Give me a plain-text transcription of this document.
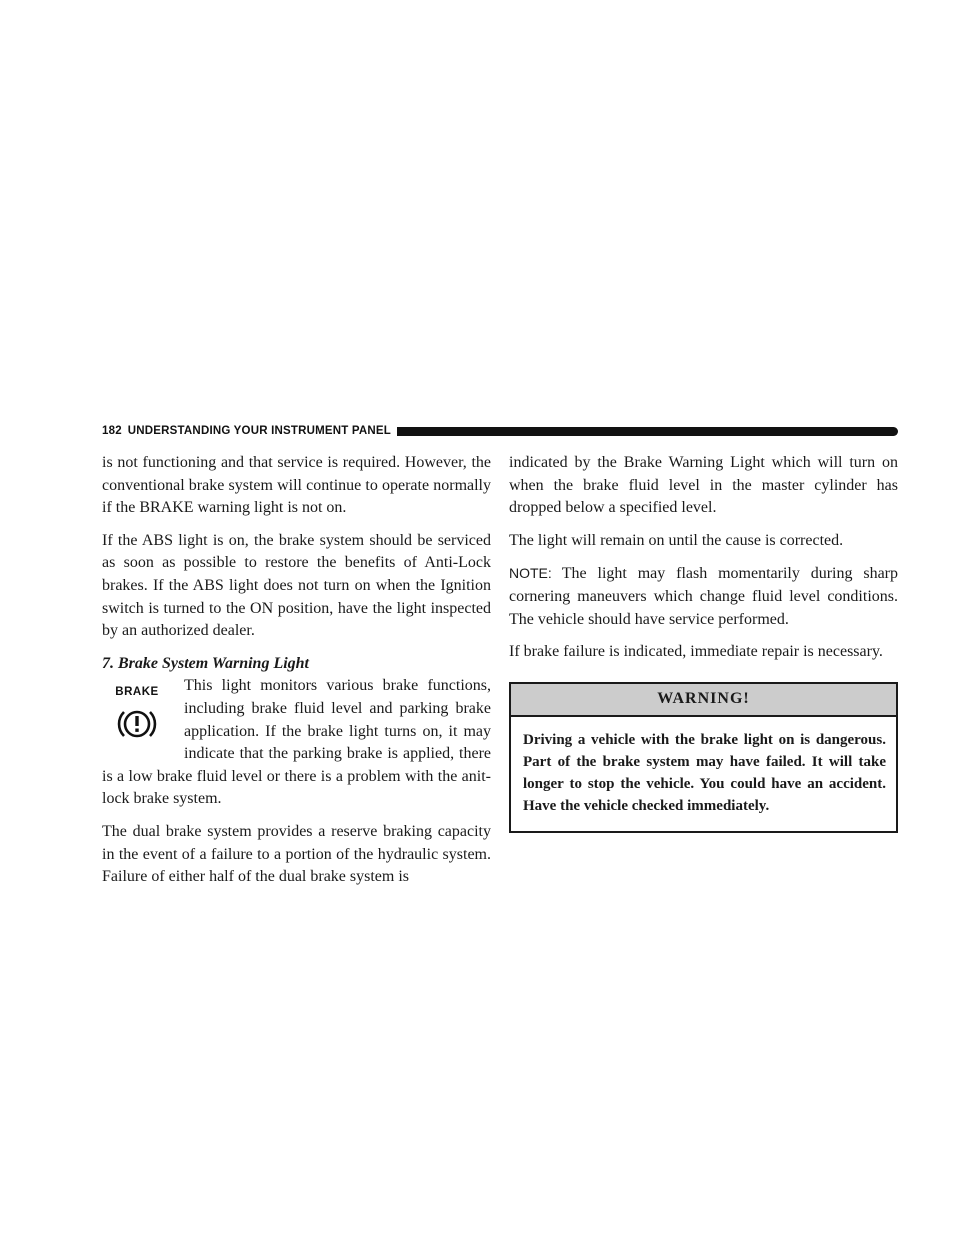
182 UNDERSTANDING YOUR INSTRUMENT PANEL

is not functioning and that service is required. However, the conventional brake system will continue to operate normally if the BRAKE warning light is not on.

If the ABS light is on, the brake system should be serviced as soon as possible to restore the benefits of Anti-Lock brakes. If the ABS light does not turn on when the Ignition switch is turned to the ON position, have the light inspected by an authorized dealer.

7. Brake System Warning Light

BRAKE	This light monitors various brake functions, including brake fluid level and parking brake application. If the brake light turns on, it may indicate that the parking brake is applied, there is a low brake fluid level or there is a problem with the anit-lock brake system.

The dual brake system provides a reserve braking capacity in the event of a failure to a portion of the hydraulic system. Failure of either half of the dual brake system is

indicated by the Brake Warning Light which will turn on when the brake fluid level in the master cylinder has dropped below a specified level.

The light will remain on until the cause is corrected.

NOTE: The light may flash momentarily during sharp cornering maneuvers which change fluid level conditions. The vehicle should have service performed.

If brake failure is indicated, immediate repair is necessary.

WARNING!
Driving a vehicle with the brake light on is dangerous. Part of the brake system may have failed. It will take longer to stop the vehicle. You could have an accident. Have the vehicle checked immediately.
